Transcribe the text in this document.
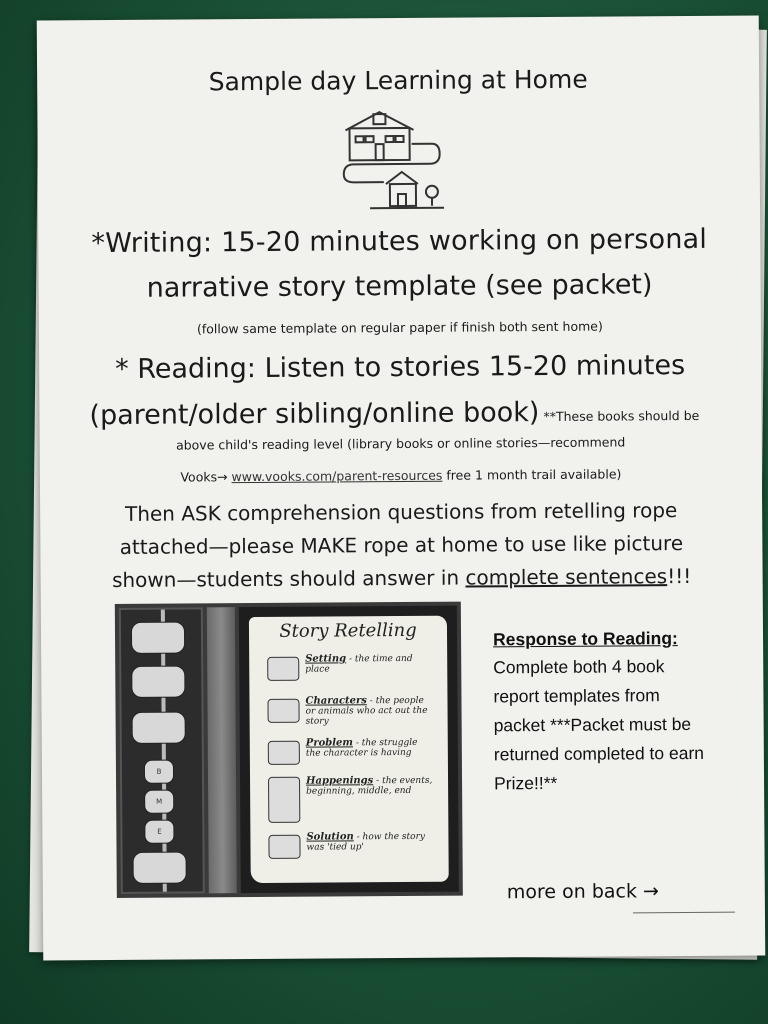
Sample day Learning at Home
*Writing: 15-20 minutes working on personal
narrative story template (see packet)
(follow same template on regular paper if finish both sent home)
* Reading: Listen to stories 15-20 minutes
(parent/older sibling/online book) **These books should be
above child's reading level (library books or online stories—recommend
Vooks→ www.vooks.com/parent-resources free 1 month trail available)
Then ASK comprehension questions from retelling rope
attached—please MAKE rope at home to use like picture
shown—students should answer in complete sentences!!!
B
M
E
Story Retelling
Setting - the time and place
Characters - the people or animals who act out the story
Problem - the struggle the character is having
Happenings - the events, beginning, middle, end
Solution - how the story was 'tied up'
Response to Reading:
Complete both 4 book
report templates from
packet ***Packet must be
returned completed to earn
Prize!!**
more on back →
